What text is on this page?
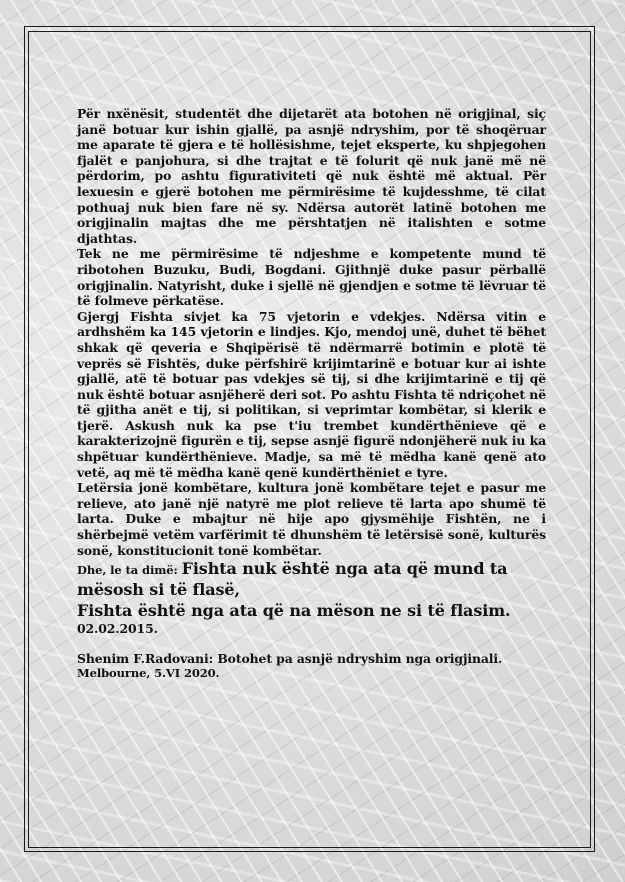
Për nxënësit, studentët dhe dijetarët ata botohen në origjinal, siç janë botuar kur ishin gjallë, pa asnjë ndryshim, por të shoqëruar me aparate të gjera e të hollësishme, tejet eksperte, ku shpjegohen fjalët e panjohura, si dhe trajtat e të folurit që nuk janë më në përdorim, po ashtu figurativiteti që nuk është më aktual. Për lexuesin e gjerë botohen me përmirësime të kujdesshme, të cilat pothuaj nuk bien fare në sy. Ndërsa autorët latinë botohen me origjinalin majtas dhe me përshtatjen në italishten e sotme djathtas.

Tek ne me përmirësime të ndjeshme e kompetente mund të ribotohen Buzuku, Budi, Bogdani. Gjithnjë duke pasur përballë origjinalin. Natyrisht, duke i sjellë në gjendjen e sotme të lëvruar të të folmeve përkatëse.

Gjergj Fishta sivjet ka 75 vjetorin e vdekjes. Ndërsa vitin e ardhshëm ka 145 vjetorin e lindjes. Kjo, mendoj unë, duhet të bëhet shkak që qeveria e Shqipërisë të ndërmarrë botimin e plotë të veprës së Fishtës, duke përfshirë krijimtarinë e botuar kur ai ishte gjallë, atë të botuar pas vdekjes së tij, si dhe krijimtarinë e tij që nuk është botuar asnjëherë deri sot. Po ashtu Fishta të ndriçohet në të gjitha anët e tij, si politikan, si veprimtar kombëtar, si klerik e tjerë. Askush nuk ka pse t'iu trembet kundërthënieve që e karakterizojnë figurën e tij, sepse asnjë figurë ndonjëherë nuk iu ka shpëtuar kundërthënieve. Madje, sa më të mëdha kanë qenë ato vetë, aq më të mëdha kanë qenë kundërthëniet e tyre.

Letërsia jonë kombëtare, kultura jonë kombëtare tejet e pasur me relieve, ato janë një natyrë me plot relieve të larta apo shumë të larta. Duke e mbajtur në hije apo gjysmëhije Fishtën, ne i shërbejmë vetëm varfërimit të dhunshëm të letërsisë sonë, kulturës sonë, konstitucionit tonë kombëtar.

Dhe, le ta dimë: Fishta nuk është nga ata që mund ta mësosh si të flasë,

Fishta është nga ata që na mëson ne si të flasim.

02.02.2015.

Shenim F.Radovani: Botohet pa asnjë ndryshim nga origjinali.

Melbourne, 5.VI 2020.
